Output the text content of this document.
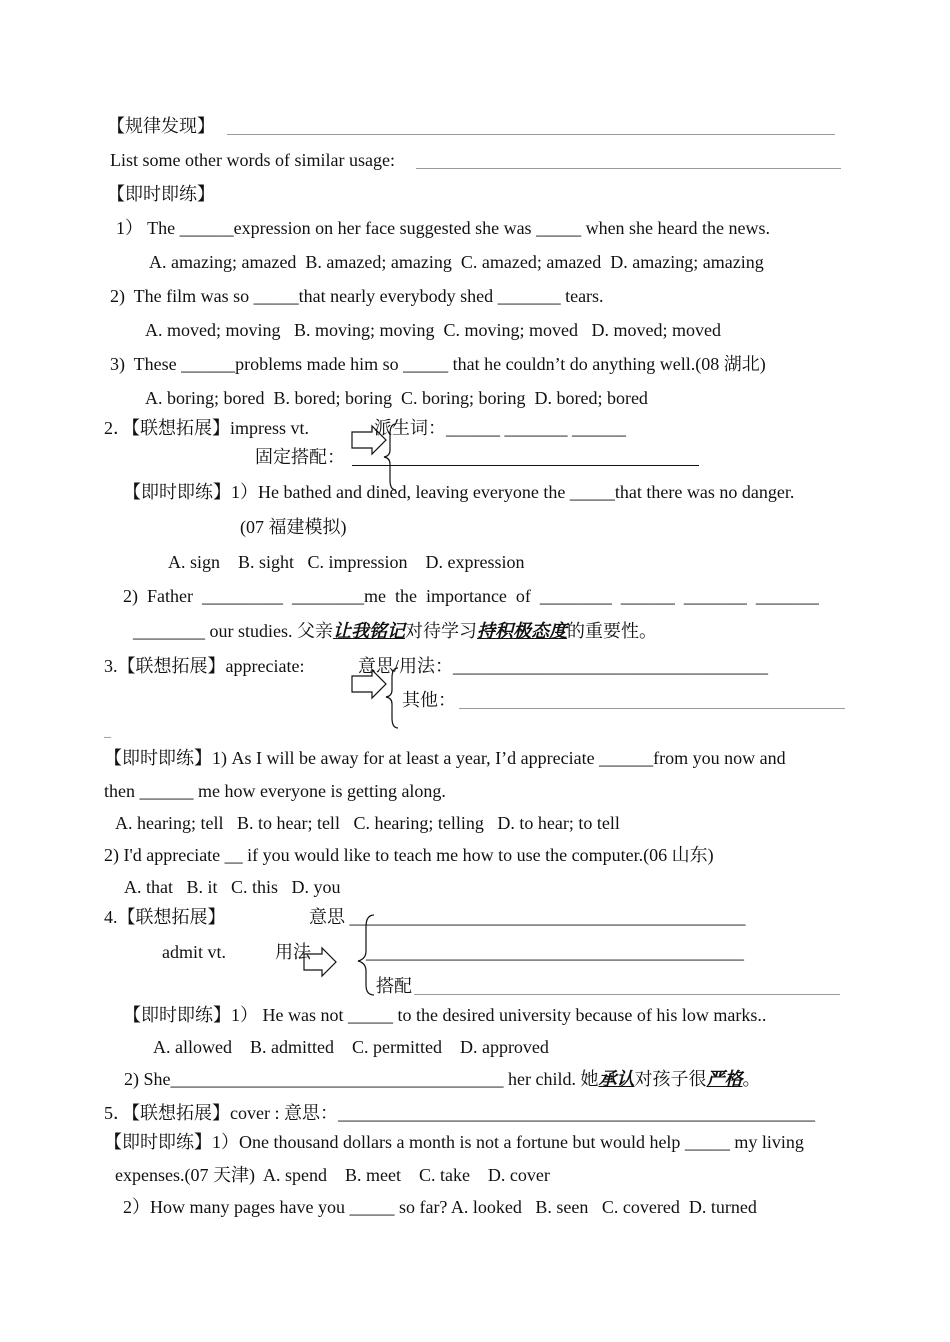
【规律发现】
List some other words of similar usage:
【即时即练】
1） The ______expression on her face suggested she was _____ when she heard the news.
A. amazing; amazed  B. amazed; amazing  C. amazed; amazed  D. amazing; amazing
2)  The film was so _____that nearly everybody shed _______ tears.
A. moved; moving   B. moving; moving  C. moving; moved   D. moved; moved
3)  These ______problems made him so _____ that he couldn’t do anything well.(08 湖北)
A. boring; bored  B. bored; boring  C. boring; boring  D. bored; bored
2．【联想拓展】impress vt.	派生词：______ _______ ______
固定搭配：
【即时即练】1）He bathed and dined, leaving everyone the _____that there was no danger.
(07 福建模拟)
A. sign    B. sight   C. impression    D. expression
2)  Father  _________  ________me  the  importance  of  ________  ______  _______  _______
________ our studies. 父亲让我铭记对待学习持积极态度的重要性。
3.【联想拓展】appreciate:	意思/用法：___________________________________
其他：
_
【即时即练】1) As I will be away for at least a year, I’d appreciate ______from you now and
then ______ me how everyone is getting along.
A. hearing; tell   B. to hear; tell   C. hearing; telling   D. to hear; to tell
2) I'd appreciate __ if you would like to teach me how to use the computer.(06 山东)
A. that   B. it   C. this   D. you
4.【联想拓展】	意思 ____________________________________________
admit vt.	用法	__________________________________________
搭配
【即时即练】1） He was not _____ to the desired university because of his low marks..
A. allowed    B. admitted    C. permitted    D. approved
2) She_____________________________________ her child. 她承认对孩子很严格。
5．【联想拓展】cover : 意思：_____________________________________________________
【即时即练】1）One thousand dollars a month is not a fortune but would help _____ my living
expenses.(07 天津)  A. spend    B. meet    C. take    D. cover
2）How many pages have you _____ so far? A. looked   B. seen   C. covered  D. turned
